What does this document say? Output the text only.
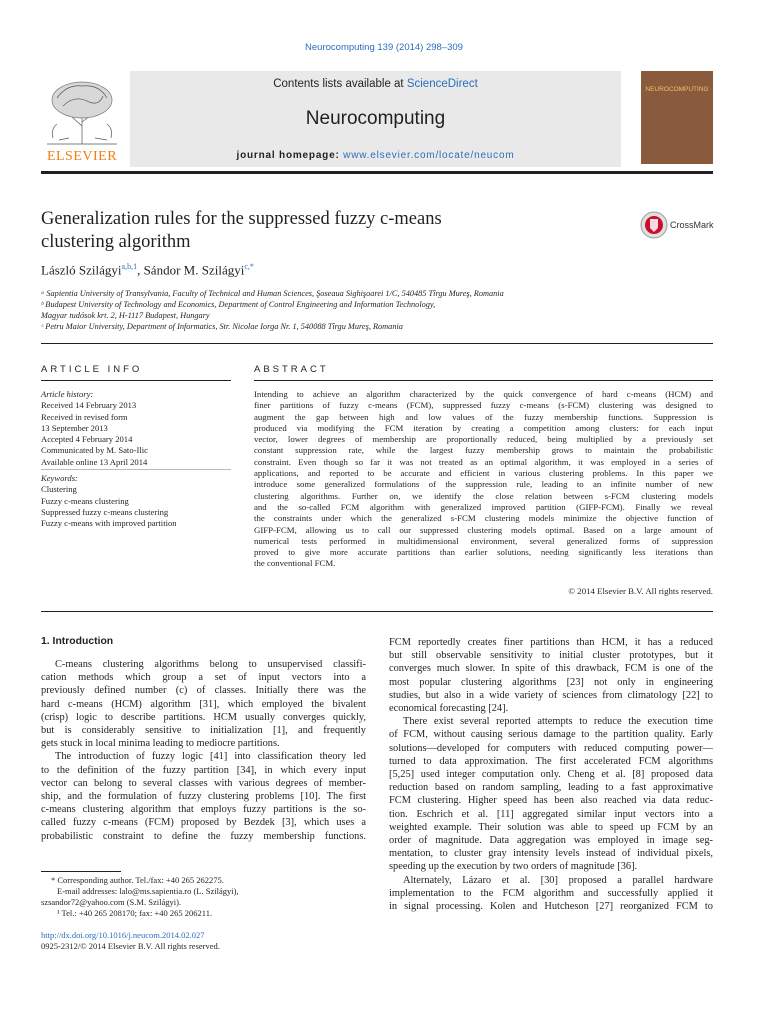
Neurocomputing 139 (2014) 298–309
ELSEVIER
Contents lists available at ScienceDirect
Neurocomputing
journal homepage: www.elsevier.com/locate/neucom
NEUROCOMPUTING
Generalization rules for the suppressed fuzzy c-means
clustering algorithm
CrossMark
László Szilágyi$^{a,b,1}$, Sándor M. Szilágyi$^{c,*}$
ᵃ Sapientia University of Transylvania, Faculty of Technical and Human Sciences, Şoseaua Sighişoarei 1/C, 540485 Tîrgu Mureş, Romania
ᵇ Budapest University of Technology and Economics, Department of Control Engineering and Information Technology,
Magyar tudósok krt. 2, H-1117 Budapest, Hungary
ᶜ Petru Maior University, Department of Informatics, Str. Nicolae Iorga Nr. 1, 540088 Tîrgu Mureş, Romania
ARTICLE INFO	ABSTRACT
Article history:
Received 14 February 2013
Received in revised form
13 September 2013
Accepted 4 February 2014
Communicated by M. Sato-Ilic
Available online 13 April 2014
Keywords:
Clustering
Fuzzy c-means clustering
Suppressed fuzzy c-means clustering
Fuzzy c-means with improved partition
Intending to achieve an algorithm characterized by the quick convergence of hard c-means (HCM) and
finer partitions of fuzzy c-means (FCM), suppressed fuzzy c-means (s-FCM) clustering was designed to
augment the gap between high and low values of the fuzzy membership functions. Suppression is
produced via modifying the FCM iteration by creating a competition among clusters: for each input
vector, lower degrees of membership are proportionally reduced, being multiplied by a previously set
constant suppression rate, while the largest fuzzy membership grows to maintain the probabilistic
constraint. Even though so far it was not treated as an optimal algorithm, it was employed in a series of
applications, and reported to be accurate and efficient in various clustering problems. In this paper we
introduce some generalized formulations of the suppression rule, leading to an infinite number of new
clustering algorithms. Further on, we identify the close relation between s-FCM clustering models
and the so-called FCM algorithm with generalized improved partition (GIFP-FCM). Finally we reveal
the constraints under which the generalized s-FCM clustering models minimize the objective function of
GIFP-FCM, allowing us to call our suppressed clustering models optimal. Based on a large amount of
numerical tests performed in multidimensional environment, several generalized forms of suppression
proved to give more accurate partitions than earlier solutions, needing significantly less iterations than
the conventional FCM.
© 2014 Elsevier B.V. All rights reserved.
1. Introduction
C-means clustering algorithms belong to unsupervised classifi-
cation methods which group a set of input vectors into a
previously defined number (c) of classes. Initially there was the
hard c-means (HCM) algorithm [31], which employed the bivalent
(crisp) logic to describe partitions. HCM usually converges quickly,
but is considerably sensitive to initialization [1], and frequently
gets stuck in local minima leading to mediocre partitions.
The introduction of fuzzy logic [41] into classification theory led
to the definition of the fuzzy partition [34], in which every input
vector can belong to several classes with various degrees of member-
ship, and the formulation of fuzzy clustering problems [10]. The first
c-means clustering algorithm that employs fuzzy partitions is the so-
called fuzzy c-means (FCM) proposed by Bezdek [3], which uses a
probabilistic constraint to define the fuzzy membership functions.
FCM reportedly creates finer partitions than HCM, it has a reduced
but still observable sensitivity to initial cluster prototypes, but it
converges much slower. In spite of this drawback, FCM is one of the
most popular clustering algorithms [23] not only in engineering
studies, but also in a wide variety of sciences from climatology [22] to
economical forecasting [24].
There exist several reported attempts to reduce the execution time
of FCM, without causing serious damage to the partition quality. Early
solutions—developed for computers with reduced computing power—
turned to data approximation. The first accelerated FCM algorithms
[5,25] used integer computation only. Cheng et al. [8] proposed data
reduction based on random sampling, leading to a fast approximative
FCM clustering. Higher speed has been also reached via data reduc-
tion. Eschrich et al. [11] aggregated similar input vectors into a
weighted example. Their solution was able to speed up FCM by an
order of magnitude. Data aggregation was employed in image seg-
mentation, to cluster gray intensity levels instead of individual pixels,
speeding up the execution by two orders of magnitude [36].
Alternately, Lázaro et al. [30] proposed a parallel hardware
implementation to the FCM algorithm and successfully applied it
in signal processing. Kolen and Hutcheson [27] reorganized FCM to
* Corresponding author. Tel./fax: +40 265 262275.
E-mail addresses: lalo@ms.sapientia.ro (L. Szilágyi),
szsandor72@yahoo.com (S.M. Szilágyi).
¹ Tel.: +40 265 208170; fax: +40 265 206211.
http://dx.doi.org/10.1016/j.neucom.2014.02.027
0925-2312/© 2014 Elsevier B.V. All rights reserved.
